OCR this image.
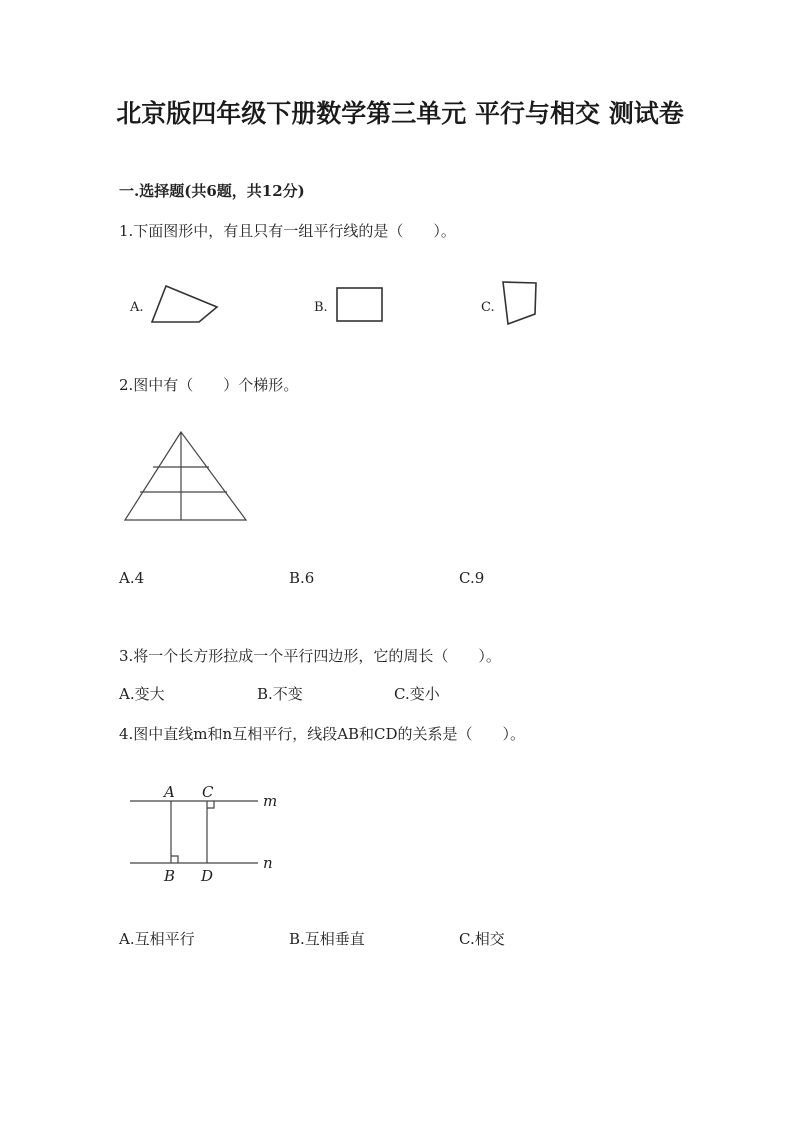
北京版四年级下册数学第三单元 平行与相交 测试卷
一.选择题(共6题，共12分)
1.下面图形中，有且只有一组平行线的是（　　）。
A.	B.	C.
2.图中有（　　）个梯形。
A.4	B.6	C.9
3.将一个长方形拉成一个平行四边形，它的周长（　　）。
A.变大	B.不变	C.变小
4.图中直线m和n互相平行，线段AB和CD的关系是（　　）。
A C	m
B D
n
A.互相平行	B.互相垂直	C.相交
